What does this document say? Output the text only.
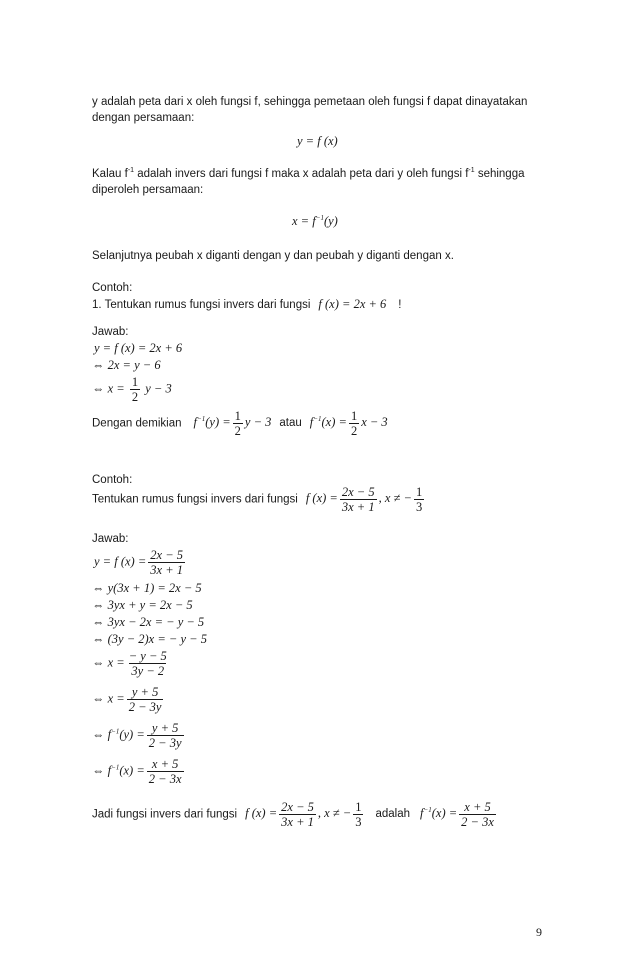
y adalah peta dari x oleh fungsi f, sehingga pemetaan oleh fungsi f dapat dinayatakan
dengan persamaan:
y = f (x)
Kalau $f^{-1}$ adalah invers dari fungsi f maka x adalah peta dari y oleh fungsi $f^{-1}$ sehingga
diperoleh persamaan:
$x = f^{-1}(y)$
Selanjutnya peubah x diganti dengan y dan peubah y diganti dengan x.
Contoh:
1. Tentukan rumus fungsi invers dari fungsi f (x) = 2x + 6 !
Jawab:
y = f (x) = 2x + 6
⇔ 2x = y − 6
⇔ $x = \frac{1}{2}$ y − 3
Dengan demikian $f^{-1}(y) = \frac{1}{2}$ y − 3 atau $f^{-1}(x) = \frac{1}{2}$ x − 3
Contoh:
Tentukan rumus fungsi invers dari fungsi f $(x) = \frac{2x - 5}{3x + 1}$ , x ≠ − $\frac{1}{3}$
Jawab:
y = f $(x) = \frac{2x - 5}{3x + 1}$
⇔ y(3x + 1) = 2x − 5
⇔ 3yx + y = 2x − 5
⇔ 3yx − 2x = − y − 5
⇔ (3y − 2)x = − y − 5
⇔ $x = \frac{- y - 5}{3y - 2}$
⇔ $x = \frac{y + 5}{2 - 3y}$
⇔ $f^{-1}(y) = \frac{y + 5}{2 - 3y}$
⇔ $f^{-1}(x) = \frac{x + 5}{2 - 3x}$
Jadi fungsi invers dari fungsi f $(x) = \frac{2x - 5}{3x + 1}$ , x ≠ − $\frac{1}{3}$ adalah $f^{-1}(x) = \frac{x + 5}{2 - 3x}$
9
